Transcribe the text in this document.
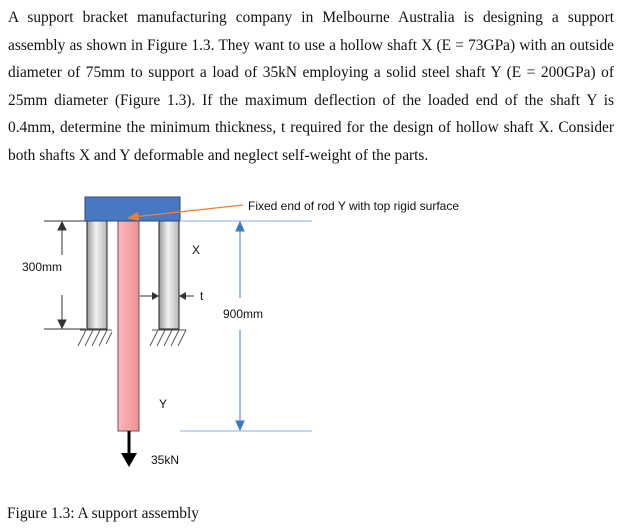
A support bracket manufacturing company in Melbourne Australia is designing a support assembly as shown in Figure 1.3. They want to use a hollow shaft X (E = 73GPa) with an outside diameter of 75mm to support a load of 35kN employing a solid steel shaft Y (E = 200GPa) of 25mm diameter (Figure 1.3). If the maximum deflection of the loaded end of the shaft Y is 0.4mm, determine the minimum thickness, t required for the design of hollow shaft X. Consider both shafts X and Y deformable and neglect self-weight of the parts.
Fixed end of rod Y with top rigid surface
X
t
Y
300mm
900mm
35kN
Figure 1.3: A support assembly
